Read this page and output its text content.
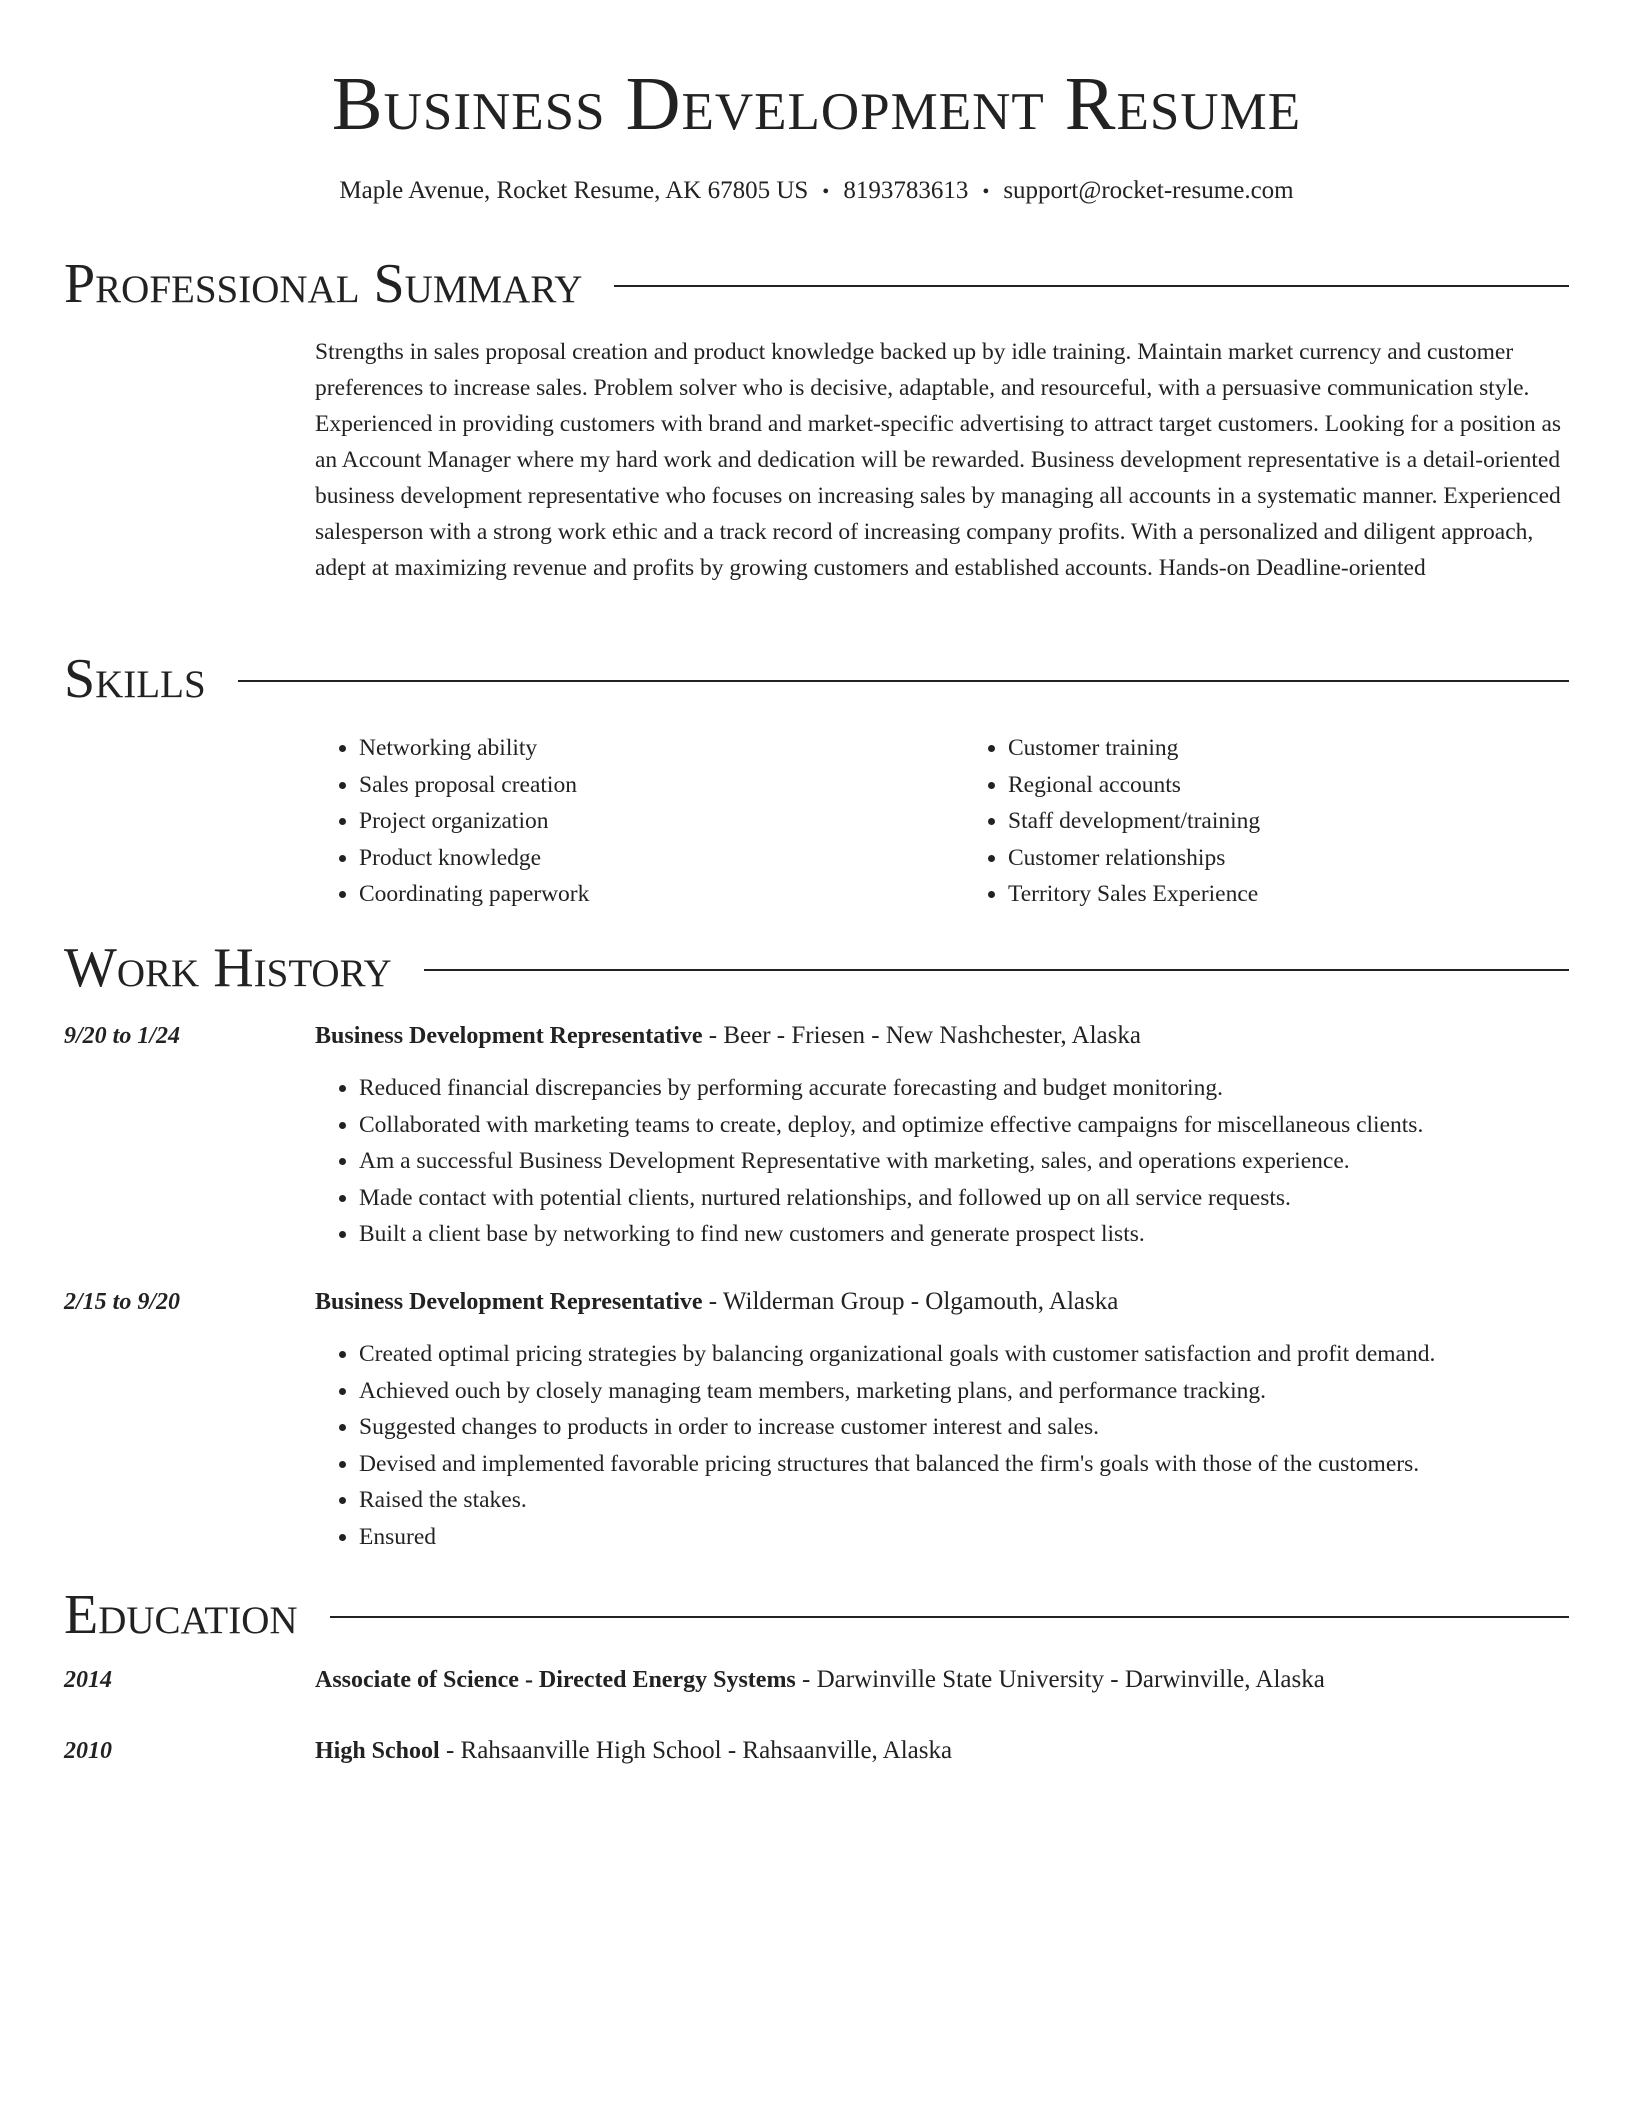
Business Development Resume
Maple Avenue, Rocket Resume, AK 67805 US • 8193783613 • support@rocket-resume.com
Professional Summary

Strengths in sales proposal creation and product knowledge backed up by idle training. Maintain market currency and customer preferences to increase sales. Problem solver who is decisive, adaptable, and resourceful, with a persuasive communication style. Experienced in providing customers with brand and market-specific advertising to attract target customers. Looking for a position as an Account Manager where my hard work and dedication will be rewarded. Business development representative is a detail-oriented business development representative who focuses on increasing sales by managing all accounts in a systematic manner. Experienced salesperson with a strong work ethic and a track record of increasing company profits. With a personalized and diligent approach, adept at maximizing revenue and profits by growing customers and established accounts. Hands-on Deadline-oriented

Skills
• Networking ability
• Sales proposal creation
• Project organization
• Product knowledge
• Coordinating paperwork
• Customer training
• Regional accounts
• Staff development/training
• Customer relationships
• Territory Sales Experience
Work History
9/20 to 1/24	Business Development Representative - Beer - Friesen - New Nashchester, Alaska
• Reduced financial discrepancies by performing accurate forecasting and budget monitoring.
• Collaborated with marketing teams to create, deploy, and optimize effective campaigns for miscellaneous clients.
• Am a successful Business Development Representative with marketing, sales, and operations experience.
• Made contact with potential clients, nurtured relationships, and followed up on all service requests.
• Built a client base by networking to find new customers and generate prospect lists.
2/15 to 9/20	Business Development Representative - Wilderman Group - Olgamouth, Alaska
• Created optimal pricing strategies by balancing organizational goals with customer satisfaction and profit demand.
• Achieved ouch by closely managing team members, marketing plans, and performance tracking.
• Suggested changes to products in order to increase customer interest and sales.
• Devised and implemented favorable pricing structures that balanced the firm's goals with those of the customers.
• Raised the stakes.
• Ensured
Education
2014	Associate of Science - Directed Energy Systems - Darwinville State University - Darwinville, Alaska
2010	High School - Rahsaanville High School - Rahsaanville, Alaska
